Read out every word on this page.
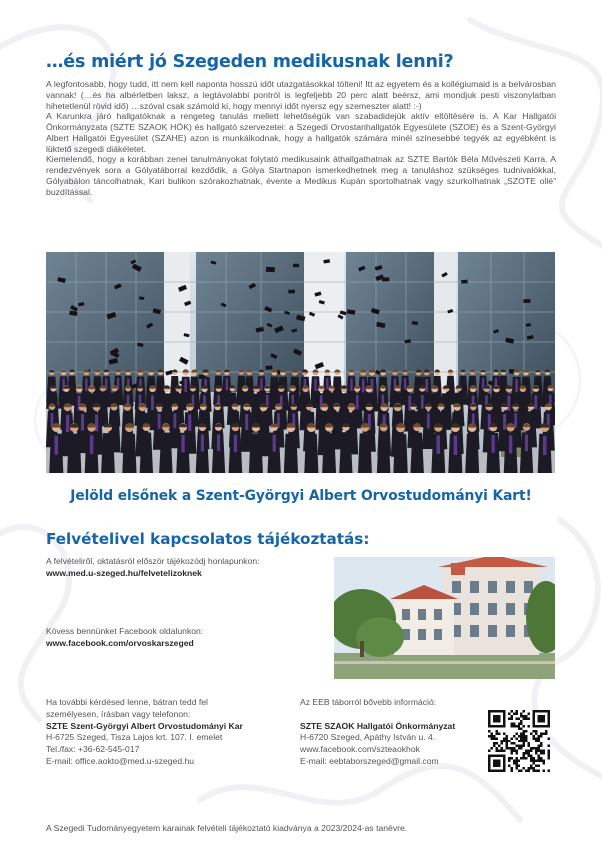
…és miért jó Szegeden medikusnak lenni?

A legfontosabb, hogy tudd, itt nem kell naponta hosszú időt utazgatásokkal tölteni! Itt az egyetem és a kollégiumaid is a belvárosban vannak! (…és ha albérletben laksz, a legtávolabbi pontról is legfeljebb 20 perc alatt beérsz, ami mondjuk pesti viszonylatban hihetetlenül rövid idő) …szóval csak számold ki, hogy mennyi időt nyersz egy szemeszter alatt! :-)

A Karunkra járó hallgatóknak a rengeteg tanulás mellett lehetőségük van szabadidejük aktív eltöltésére is. A Kar Hallgatói Önkormányzata (SZTE SZAOK HÖK) és hallgató szervezetei: a Szegedi Orvostanhallgatók Egyesülete (SZOE) és a Szent-Györgyi Albert Hallgatói Egyesület (SZAHE) azon is munkálkodnak, hogy a hallgatók számára minél színesebbé tegyék az egyébként is lüktető szegedi diákéletet.

Kiemelendő, hogy a korábban zenei tanulmányokat folytató medikusaink áthallgathatnak az SZTE Bartók Béla Művészeti Karra. A rendezvények sora a Gólyatáborral kezdődik, a Gólya Startnapon ismerkedhetnek meg a tanuláshoz szükséges tudnivalókkal, Gólyabálon táncolhatnak, Kari bulikon szórakozhatnak, évente a Medikus Kupán sportolhatnak vagy szurkolhatnak „SZOTE ollé” buzdítással.

Jelöld elsőnek a Szent-Györgyi Albert Orvostudományi Kart!
Felvételivel kapcsolatos tájékoztatás:
A felvételiről, oktatásról először tájékozódj honlapunkon:
www.med.u-szeged.hu/felvetelizoknek
Kövess bennünket Facebook oldalunkon:
www.facebook.com/orvoskarszeged
Ha további kérdésed lenne, bátran tedd fel
személyesen, írásban vagy telefonon:
SZTE Szent-Györgyi Albert Orvostudományi Kar
H-6725 Szeged, Tisza Lajos krt. 107. I. emelet
Tel./fax: +36-62-545-017
E-mail: office.aokto@med.u-szeged.hu
Az EEB táborról bővebb információ:

SZTE SZAOK Hallgatói Önkormányzat
H-6720 Szeged, Apáthy István u. 4.
www.facebook.com/szteaokhok
E-mail: eebtaborszeged@gmail.com

A Szegedi Tudományegyetem karainak felvételi tájékoztató kiadványa a 2023/2024-as tanévre.
